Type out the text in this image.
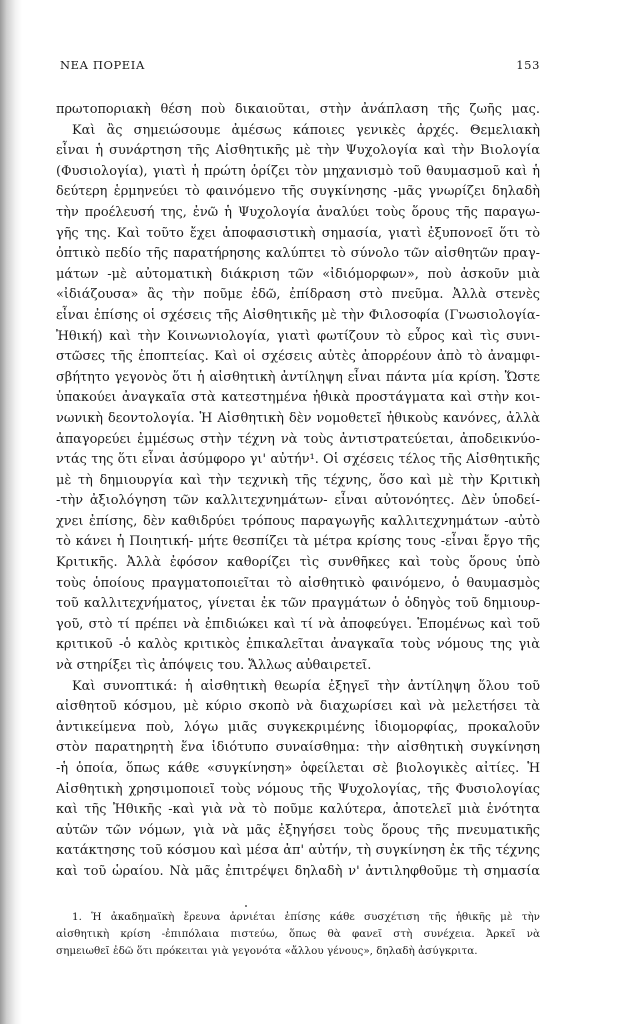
ΝΕΑ ΠΟΡΕΙΑ	153
πρωτοποριακὴ θέση ποὺ δικαιοῦται, στὴν ἀνάπλαση τῆς ζωῆς μας.
Καὶ ἂς σημειώσουμε ἀμέσως κάποιες γενικὲς ἀρχές. Θεμελιακὴ
εἶναι ἡ συνάρτηση τῆς Αἰσθητικῆς μὲ τὴν Ψυχολογία καὶ τὴν Βιολογία
(Φυσιολογία), γιατὶ ἡ πρώτη ὁρίζει τὸν μηχανισμὸ τοῦ θαυμασμοῦ καὶ ἡ
δεύτερη ἑρμηνεύει τὸ φαινόμενο τῆς συγκίνησης -μᾶς γνωρίζει δηλαδὴ
τὴν προέλευσή της, ἐνῶ ἡ Ψυχολογία ἀναλύει τοὺς ὅρους τῆς παραγω-
γῆς της. Καὶ τοῦτο ἔχει ἀποφασιστικὴ σημασία, γιατὶ ἐξυπονοεῖ ὅτι τὸ
ὀπτικὸ πεδίο τῆς παρατήρησης καλύπτει τὸ σύνολο τῶν αἰσθητῶν πραγ-
μάτων -μὲ αὐτοματικὴ διάκριση τῶν «ἰδιόμορφων», ποὺ ἀσκοῦν μιὰ
«ἰδιάζουσα» ἂς τὴν ποῦμε ἐδῶ, ἐπίδραση στὸ πνεῦμα. Ἀλλὰ στενὲς
εἶναι ἐπίσης οἱ σχέσεις τῆς Αἰσθητικῆς μὲ τὴν Φιλοσοφία (Γνωσιολογία-
Ἠθική) καὶ τὴν Κοινωνιολογία, γιατὶ φωτίζουν τὸ εὖρος καὶ τὶς συνι-
στῶσες τῆς ἐποπτείας. Καὶ οἱ σχέσεις αὐτὲς ἀπορρέουν ἀπὸ τὸ ἀναμφι-
σβήτητο γεγονὸς ὅτι ἡ αἰσθητικὴ ἀντίληψη εἶναι πάντα μία κρίση. Ὥστε
ὑπακούει ἀναγκαῖα στὰ κατεστημένα ἠθικὰ προστάγματα καὶ στὴν κοι-
νωνικὴ δεοντολογία. Ἡ Αἰσθητικὴ δὲν νομοθετεῖ ἠθικοὺς κανόνες, ἀλλὰ
ἀπαγορεύει ἐμμέσως στὴν τέχνη νὰ τοὺς ἀντιστρατεύεται, ἀποδεικνύο-
ντάς της ὅτι εἶναι ἀσύμφορο γι' αὐτήν¹. Οἱ σχέσεις τέλος τῆς Αἰσθητικῆς
μὲ τὴ δημιουργία καὶ τὴν τεχνικὴ τῆς τέχνης, ὅσο καὶ μὲ τὴν Κριτικὴ
-τὴν ἀξιολόγηση τῶν καλλιτεχνημάτων- εἶναι αὐτονόητες. Δὲν ὑποδεί-
χνει ἐπίσης, δὲν καθιδρύει τρόπους παραγωγῆς καλλιτεχνημάτων -αὐτὸ
τὸ κάνει ἡ Ποιητική- μήτε θεσπίζει τὰ μέτρα κρίσης τους -εἶναι ἔργο τῆς
Κριτικῆς. Ἀλλὰ ἐφόσον καθορίζει τὶς συνθῆκες καὶ τοὺς ὅρους ὑπὸ
τοὺς ὁποίους πραγματοποιεῖται τὸ αἰσθητικὸ φαινόμενο, ὁ θαυμασμὸς
τοῦ καλλιτεχνήματος, γίνεται ἐκ τῶν πραγμάτων ὁ ὁδηγὸς τοῦ δημιουρ-
γοῦ, στὸ τί πρέπει νὰ ἐπιδιώκει καὶ τί νὰ ἀποφεύγει. Ἑπομένως καὶ τοῦ
κριτικοῦ -ὁ καλὸς κριτικὸς ἐπικαλεῖται ἀναγκαῖα τοὺς νόμους της γιὰ
νὰ στηρίξει τὶς ἀπόψεις του. Ἄλλως αὐθαιρετεῖ.
Καὶ συνοπτικά: ἡ αἰσθητικὴ θεωρία ἐξηγεῖ τὴν ἀντίληψη ὅλου τοῦ
αἰσθητοῦ κόσμου, μὲ κύριο σκοπὸ νὰ διαχωρίσει καὶ νὰ μελετήσει τὰ
ἀντικείμενα ποὺ, λόγω μιᾶς συγκεκριμένης ἰδιομορφίας, προκαλοῦν
στὸν παρατηρητὴ ἕνα ἰδιότυπο συναίσθημα: τὴν αἰσθητικὴ συγκίνηση
-ἡ ὁποία, ὅπως κάθε «συγκίνηση» ὀφείλεται σὲ βιολογικὲς αἰτίες. Ἡ
Αἰσθητικὴ χρησιμοποιεῖ τοὺς νόμους τῆς Ψυχολογίας, τῆς Φυσιολογίας
καὶ τῆς Ἠθικῆς -καὶ γιὰ νὰ τὸ ποῦμε καλύτερα, ἀποτελεῖ μιὰ ἑνότητα
αὐτῶν τῶν νόμων, γιὰ νὰ μᾶς ἐξηγήσει τοὺς ὅρους τῆς πνευματικῆς
κατάκτησης τοῦ κόσμου καὶ μέσα ἀπ' αὐτήν, τὴ συγκίνηση ἐκ τῆς τέχνης
καὶ τοῦ ὡραίου. Νὰ μᾶς ἐπιτρέψει δηλαδὴ ν' ἀντιληφθοῦμε τὴ σημασία
1. Ἡ ἀκαδημαϊκὴ ἔρευνα ἀρνιέται ἐπίσης κάθε συσχέτιση τῆς ἠθικῆς μὲ τὴν
αἰσθητικὴ κρίση -ἐπιπόλαια πιστεύω, ὅπως θὰ φανεῖ στὴ συνέχεια. Ἀρκεῖ νὰ
σημειωθεῖ ἐδῶ ὅτι πρόκειται γιὰ γεγονότα «ἄλλου γένους», δηλαδὴ ἀσύγκριτα.
